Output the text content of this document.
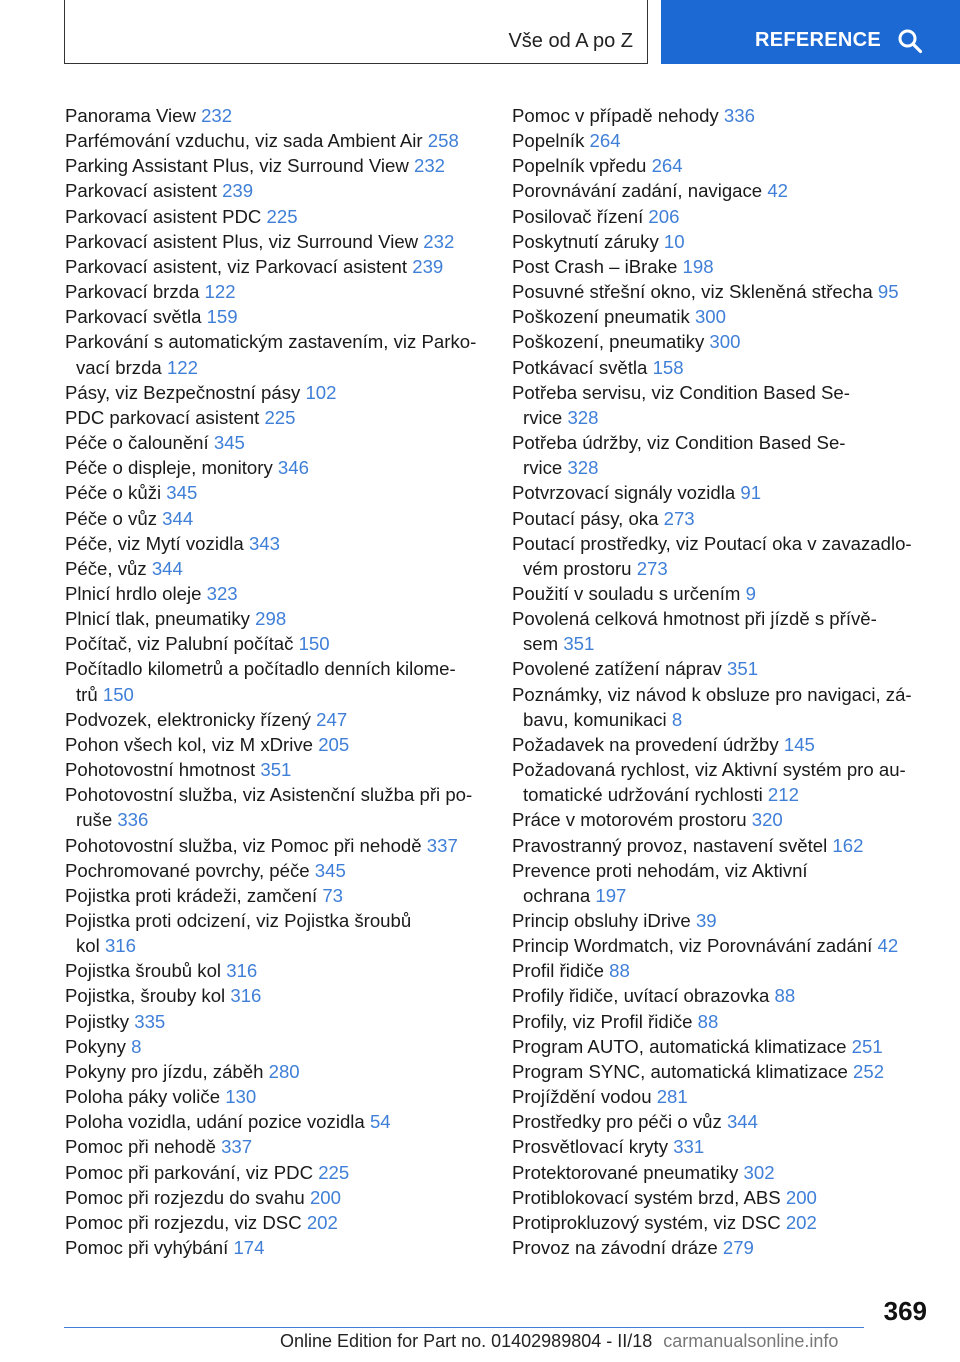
Vše od A po Z	REFERENCE
Panorama View 232
Parfémování vzduchu, viz sada Ambient Air 258
Parking Assistant Plus, viz Surround View 232
Parkovací asistent 239
Parkovací asistent PDC 225
Parkovací asistent Plus, viz Surround View 232
Parkovací asistent, viz Parkovací asistent 239
Parkovací brzda 122
Parkovací světla 159
Parkování s automatickým zastavením, viz Parko-
vací brzda 122
Pásy, viz Bezpečnostní pásy 102
PDC parkovací asistent 225
Péče o čalounění 345
Péče o displeje, monitory 346
Péče o kůži 345
Péče o vůz 344
Péče, viz Mytí vozidla 343
Péče, vůz 344
Plnicí hrdlo oleje 323
Plnicí tlak, pneumatiky 298
Počítač, viz Palubní počítač 150
Počítadlo kilometrů a počítadlo denních kilome-
trů 150
Podvozek, elektronicky řízený 247
Pohon všech kol, viz M xDrive 205
Pohotovostní hmotnost 351
Pohotovostní služba, viz Asistenční služba při po-
ruše 336
Pohotovostní služba, viz Pomoc při nehodě 337
Pochromované povrchy, péče 345
Pojistka proti krádeži, zamčení 73
Pojistka proti odcizení, viz Pojistka šroubů
kol 316
Pojistka šroubů kol 316
Pojistka, šrouby kol 316
Pojistky 335
Pokyny 8
Pokyny pro jízdu, záběh 280
Poloha páky voliče 130
Poloha vozidla, udání pozice vozidla 54
Pomoc při nehodě 337
Pomoc při parkování, viz PDC 225
Pomoc při rozjezdu do svahu 200
Pomoc při rozjezdu, viz DSC 202
Pomoc při vyhýbání 174
Pomoc v případě nehody 336
Popelník 264
Popelník vpředu 264
Porovnávání zadání, navigace 42
Posilovač řízení 206
Poskytnutí záruky 10
Post Crash – iBrake 198
Posuvné střešní okno, viz Skleněná střecha 95
Poškození pneumatik 300
Poškození, pneumatiky 300
Potkávací světla 158
Potřeba servisu, viz Condition Based Se-
rvice 328
Potřeba údržby, viz Condition Based Se-
rvice 328
Potvrzovací signály vozidla 91
Poutací pásy, oka 273
Poutací prostředky, viz Poutací oka v zavazadlo-
vém prostoru 273
Použití v souladu s určením 9
Povolená celková hmotnost při jízdě s přívě-
sem 351
Povolené zatížení náprav 351
Poznámky, viz návod k obsluze pro navigaci, zá-
bavu, komunikaci 8
Požadavek na provedení údržby 145
Požadovaná rychlost, viz Aktivní systém pro au-
tomatické udržování rychlosti 212
Práce v motorovém prostoru 320
Pravostranný provoz, nastavení světel 162
Prevence proti nehodám, viz Aktivní
ochrana 197
Princip obsluhy iDrive 39
Princip Wordmatch, viz Porovnávání zadání 42
Profil řidiče 88
Profily řidiče, uvítací obrazovka 88
Profily, viz Profil řidiče 88
Program AUTO, automatická klimatizace 251
Program SYNC, automatická klimatizace 252
Projíždění vodou 281
Prostředky pro péči o vůz 344
Prosvětlovací kryty 331
Protektorované pneumatiky 302
Protiblokovací systém brzd, ABS 200
Protiprokluzový systém, viz DSC 202
Provoz na závodní dráze 279
369
Online Edition for Part no. 01402989804 - II/18 carmanualsonline.info
